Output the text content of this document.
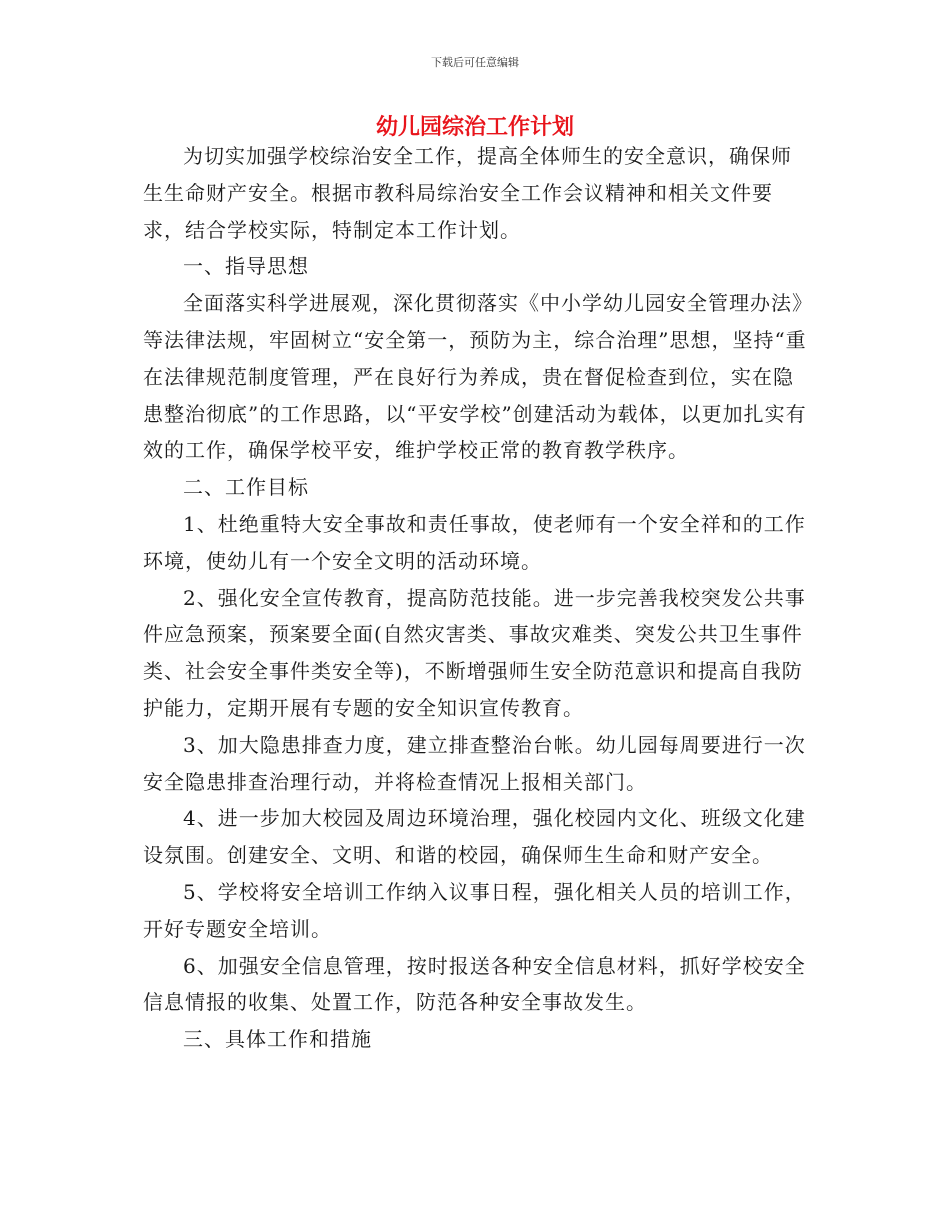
下载后可任意编辑
幼儿园综治工作计划

为切实加强学校综治安全工作，提高全体师生的安全意识，确保师生生命财产安全。根据市教科局综治安全工作会议精神和相关文件要求，结合学校实际，特制定本工作计划。

一、指导思想

全面落实科学进展观，深化贯彻落实《中小学幼儿园安全管理办法》等法律法规，牢固树立“安全第一，预防为主，综合治理”思想，坚持“重在法律规范制度管理，严在良好行为养成，贵在督促检查到位，实在隐患整治彻底”的工作思路，以“平安学校”创建活动为载体，以更加扎实有效的工作，确保学校平安，维护学校正常的教育教学秩序。

二、工作目标

1、杜绝重特大安全事故和责任事故，使老师有一个安全祥和的工作环境，使幼儿有一个安全文明的活动环境。

2、强化安全宣传教育，提高防范技能。进一步完善我校突发公共事件应急预案，预案要全面(自然灾害类、事故灾难类、突发公共卫生事件类、社会安全事件类安全等)，不断增强师生安全防范意识和提高自我防护能力，定期开展有专题的安全知识宣传教育。

3、加大隐患排查力度，建立排查整治台帐。幼儿园每周要进行一次安全隐患排查治理行动，并将检查情况上报相关部门。

4、进一步加大校园及周边环境治理，强化校园内文化、班级文化建设氛围。创建安全、文明、和谐的校园，确保师生生命和财产安全。

5、学校将安全培训工作纳入议事日程，强化相关人员的培训工作，开好专题安全培训。

6、加强安全信息管理，按时报送各种安全信息材料，抓好学校安全信息情报的收集、处置工作，防范各种安全事故发生。

三、具体工作和措施
